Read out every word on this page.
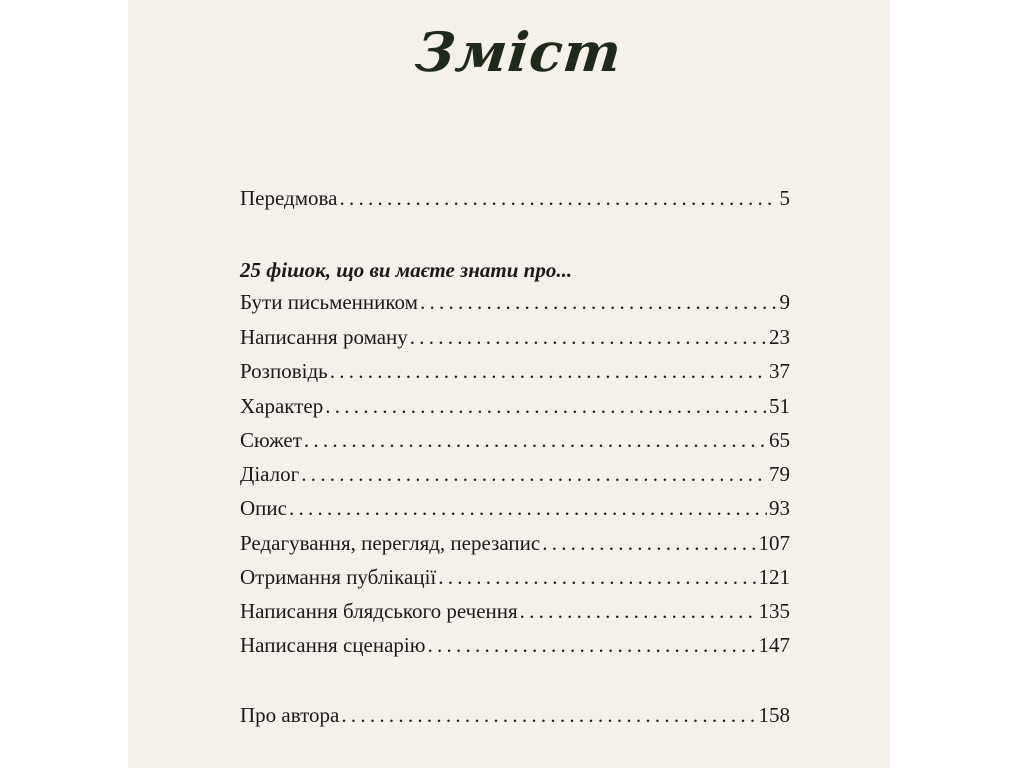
Зміст
Передмова . . .	5
25 фішок, що ви маєте знати про...
Бути письменником . . .	9
Написання роману . . .	23
Розповідь . . .	37
Характер . . .	51
Сюжет . . .	65
Діалог . . .	79
Опис . . .	93
Редагування, перегляд, перезапис . . .	107
Отримання публікації . . .	121
Написання блядського речення . . .	135
Написання сценарію . . .	147
Про автора . . .	158
